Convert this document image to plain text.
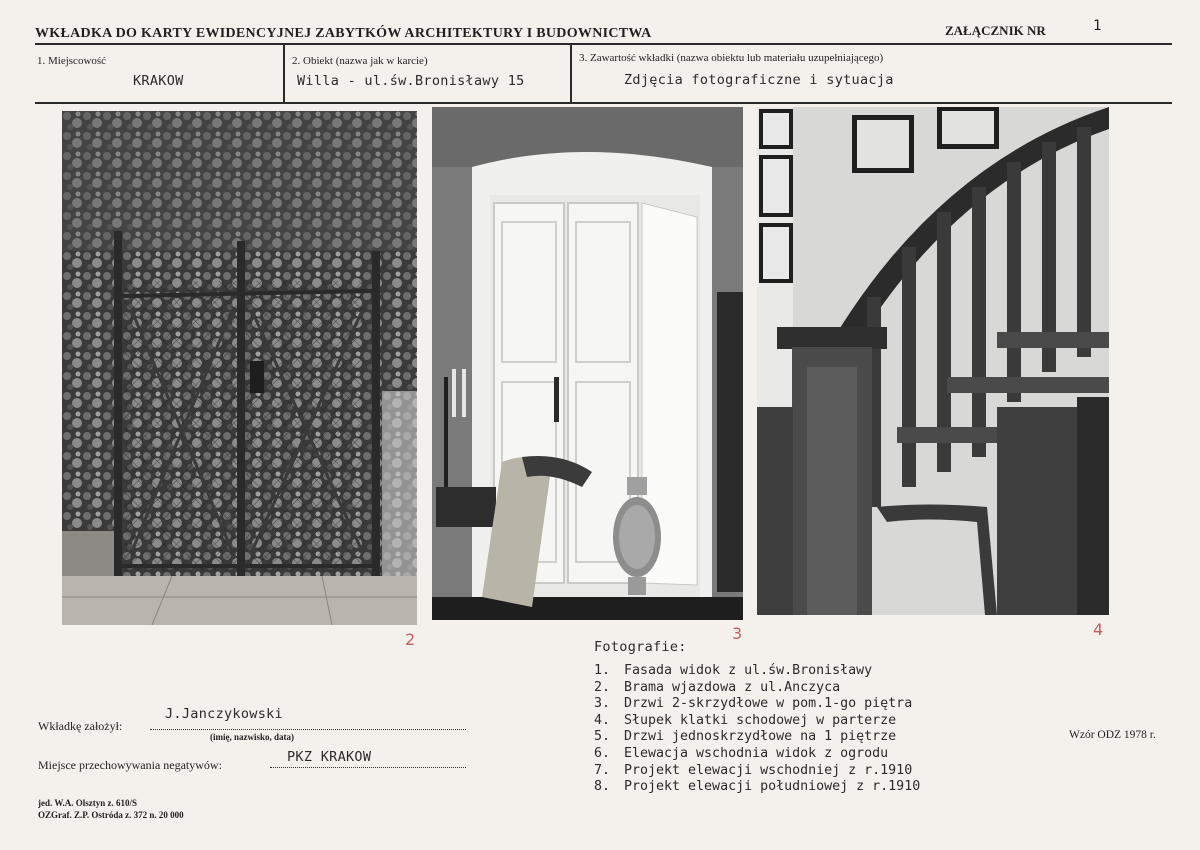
WKŁADKA DO KARTY EWIDENCYJNEJ ZABYTKÓW ARCHITEKTURY I BUDOWNICTWA	ZAŁĄCZNIK NR	1
1. Miejscowość
KRAKOW
2. Obiekt (nazwa jak w karcie)
Willa - ul.św.Bronisławy 15
3. Zawartość wkładki (nazwa obiektu lub materiału uzupełniającego)
Zdjęcia fotograficzne i sytuacja
2	3	4
Fotografie:
1. Fasada widok z ul.św.Bronisławy
2. Brama wjazdowa z ul.Anczyca
3. Drzwi 2-skrzydłowe w pom.1-go piętra
4. Słupek klatki schodowej w parterze
5. Drzwi jednoskrzydłowe na 1 piętrze
6. Elewacja wschodnia widok z ogrodu
7. Projekt elewacji wschodniej z r.1910
8. Projekt elewacji południowej z r.1910
Wkładkę założył:
J.Janczykowski
(imię, nazwisko, data)
Miejsce przechowywania negatywów:	PKZ KRAKOW
Wzór ODZ 1978 r.
jed. W.A. Olsztyn z. 610/S
OZGraf. Z.P. Ostróda z. 372 n. 20 000
